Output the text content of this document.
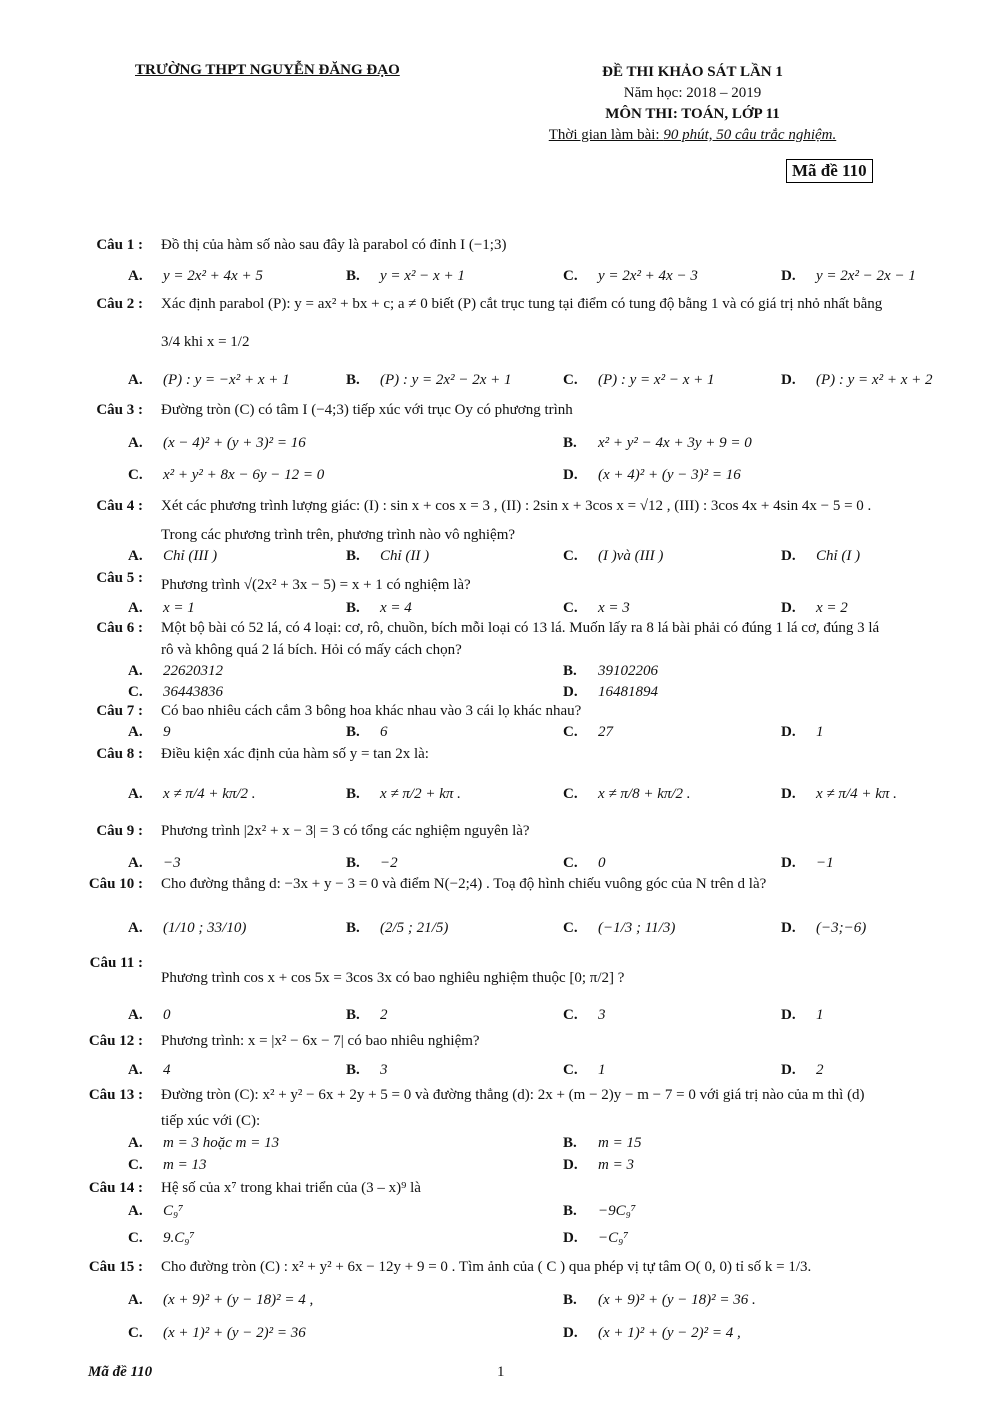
TRƯỜNG THPT NGUYỄN ĐĂNG ĐẠO	ĐỀ THI KHẢO SÁT LẦN 1
Năm học: 2018 – 2019
MÔN THI: TOÁN, LỚP 11
Thời gian làm bài: 90 phút, 50 câu trắc nghiệm.
Mã đề 110
Câu 1 : Đồ thị của hàm số nào sau đây là parabol có đỉnh I (−1;3)
A. y = 2x² + 4x + 5	B. y = x² − x + 1	C. y = 2x² + 4x − 3	D. y = 2x² − 2x − 1
Câu 2 : Xác định parabol (P): y = ax² + bx + c; a ≠ 0 biết (P) cắt trục tung tại điểm có tung độ bằng 1 và có giá trị nhỏ nhất bằng
3/4 khi x = 1/2
A. (P) : y = −x² + x + 1	B. (P) : y = 2x² − 2x + 1	C. (P) : y = x² − x + 1	D. (P) : y = x² + x + 2
Câu 3 : Đường tròn (C) có tâm I (−4;3) tiếp xúc với trục Oy có phương trình
A. (x − 4)² + (y + 3)² = 16	B. x² + y² − 4x + 3y + 9 = 0
C. x² + y² + 8x − 6y − 12 = 0	D. (x + 4)² + (y − 3)² = 16
Câu 4 : Xét các phương trình lượng giác: (I) : sin x + cos x = 3 , (II) : 2sin x + 3cos x = √12 , (III) : 3cos 4x + 4sin 4x − 5 = 0 .
Trong các phương trình trên, phương trình nào vô nghiệm?
A. Chỉ (III )	B. Chỉ (II )	C. (I )và (III )	D. Chỉ (I )
Câu 5 : Phương trình √(2x² + 3x − 5) = x + 1 có nghiệm là?
A. x = 1	B. x = 4	C. x = 3	D. x = 2
Câu 6 : Một bộ bài có 52 lá, có 4 loại: cơ, rô, chuồn, bích mỗi loại có 13 lá. Muốn lấy ra 8 lá bài phải có đúng 1 lá cơ, đúng 3 lá
rô và không quá 2 lá bích. Hỏi có mấy cách chọn?
A. 22620312	B. 39102206
C. 36443836	D. 16481894
Câu 7 : Có bao nhiêu cách cắm 3 bông hoa khác nhau vào 3 cái lọ khác nhau?
A. 9	B. 6	C. 27	D. 1
Câu 8 : Điều kiện xác định của hàm số y = tan 2x là:
A. x ≠ π/4 + kπ/2 .	B. x ≠ π/2 + kπ .	C. x ≠ π/8 + kπ/2 .	D. x ≠ π/4 + kπ .
Câu 9 : Phương trình |2x² + x − 3| = 3 có tổng các nghiệm nguyên là?
A. −3	B. −2	C. 0	D. −1
Câu 10 : Cho đường thẳng d: −3x + y − 3 = 0 và điểm N(−2;4) . Toạ độ hình chiếu vuông góc của N trên d là?
A. (1/10 ; 33/10)	B. (2/5 ; 21/5)	C. (−1/3 ; 11/3)	D. (−3;−6)
Câu 11 :
Phương trình cos x + cos 5x = 3cos 3x có bao nghiêu nghiệm thuộc [0; π/2] ?
A. 0	B. 2	C. 3	D. 1
Câu 12 : Phương trình: x = |x² − 6x − 7| có bao nhiêu nghiệm?
A. 4	B. 3	C. 1	D. 2
Câu 13 : Đường tròn (C): x² + y² − 6x + 2y + 5 = 0 và đường thẳng (d): 2x + (m − 2)y − m − 7 = 0 với giá trị nào của m thì (d)
tiếp xúc với (C):
A. m = 3 hoặc m = 13	B. m = 15
C. m = 13	D. m = 3
Câu 14 : Hệ số của x⁷ trong khai triển của (3 – x)⁹ là
A. C₉⁷	B. −9C₉⁷
C. 9.C₉⁷	D. −C₉⁷
Câu 15 : Cho đường tròn (C) : x² + y² + 6x − 12y + 9 = 0 . Tìm ảnh của ( C ) qua phép vị tự tâm O( 0, 0) tỉ số k = 1/3.
A. (x + 9)² + (y − 18)² = 4 ,	B. (x + 9)² + (y − 18)² = 36 .
C. (x + 1)² + (y − 2)² = 36	D. (x + 1)² + (y − 2)² = 4 ,
Mã đề 110	1
